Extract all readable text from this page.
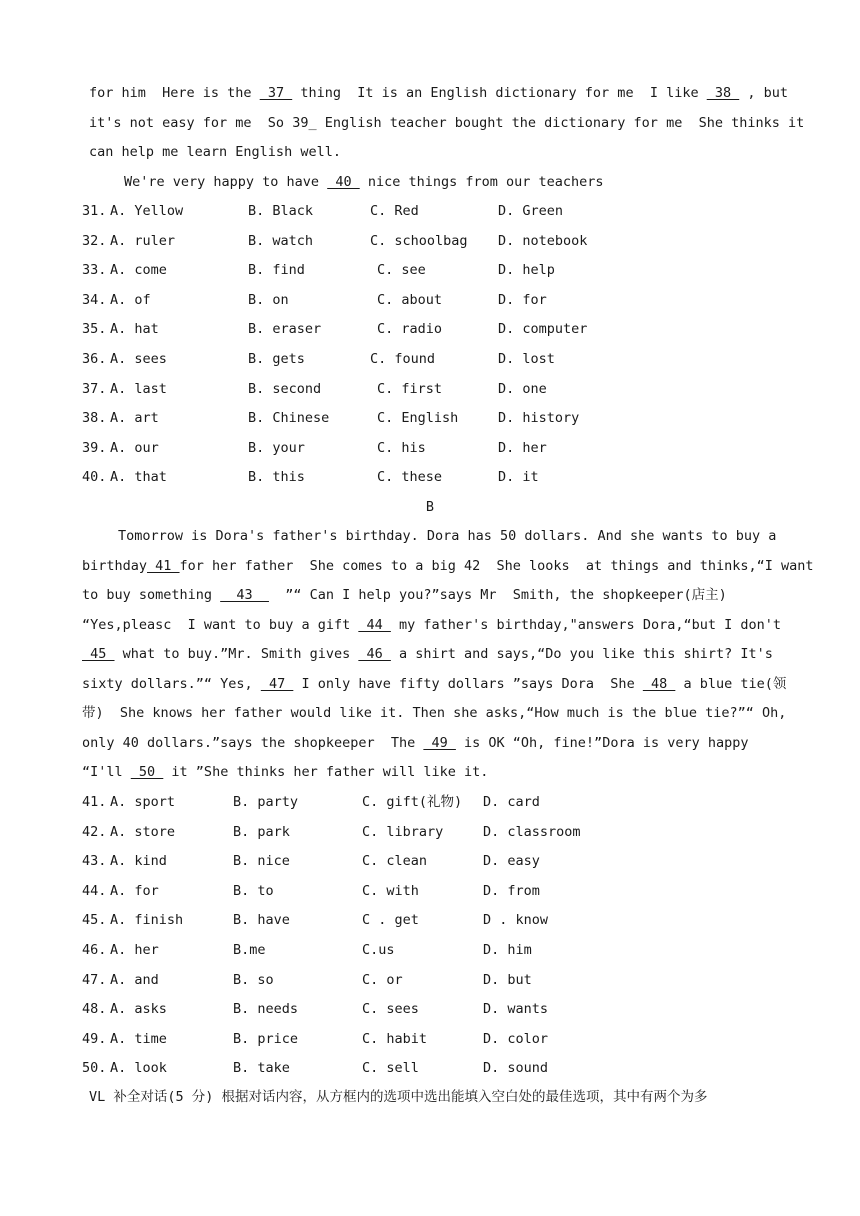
for him  Here is the  37  thing  It is an English dictionary for me  I like  38  , but
it's not easy for me  So 39_ English teacher bought the dictionary for me  She thinks it
can help me learn English well.
We're very happy to have  40  nice things from our teachers
31. A. Yellow	B. Black	C. Red	D. Green
32. A. ruler	B. watch	C. schoolbag D. notebook
33. A. come	B. find	C. see	D. help
34. A. of	B. on	C. about	D. for
35. A. hat	B. eraser	C. radio	D. computer
36. A. sees	B. gets	C. found	D. lost
37. A. last	B. second	C. first	D. one
38. A. art	B. Chinese	C. English	D. history
39. A. our	B. your	C. his	D. her
40. A. that	B. this	C. these	D. it
B
Tomorrow is Dora's father's birthday. Dora has 50 dollars. And she wants to buy a
birthday 41 for her father  She comes to a big 42  She looks  at things and thinks,“I want
to buy something   43    ”“ Can I help you?”says Mr  Smith, the shopkeeper(店主)
“Yes,pleasc  I want to buy a gift  44  my father's birthday,"answers Dora,“but I don't
45  what to buy.”Mr. Smith gives  46  a shirt and says,“Do you like this shirt? It's
sixty dollars.”“ Yes,  47  I only have fifty dollars ”says Dora  She  48  a blue tie(领
带)  She knows her father would like it. Then she asks,“How much is the blue tie?”“ Oh,
only 40 dollars.”says the shopkeeper  The  49  is OK “Oh, fine!”Dora is very happy
“I'll  50  it ”She thinks her father will like it.
41. A. sport	B. party	C. gift(礼物) D. card
42. A. store	B. park	C. library	D. classroom
43. A. kind	B. nice	C. clean	D. easy
44. A. for	B. to	C. with	D. from
45. A. finish	B. have	C . get	D . know
46. A. her	B.me	C.us	D. him
47. A. and	B. so	C. or	D. but
48. A. asks	B. needs	C. sees	D. wants
49. A. time	B. price	C. habit	D. color
50. A. look	B. take	C. sell	D. sound
VL 补全对话(5 分) 根据对话内容，从方框内的选项中选出能填入空白处的最佳选项，其中有两个为多
